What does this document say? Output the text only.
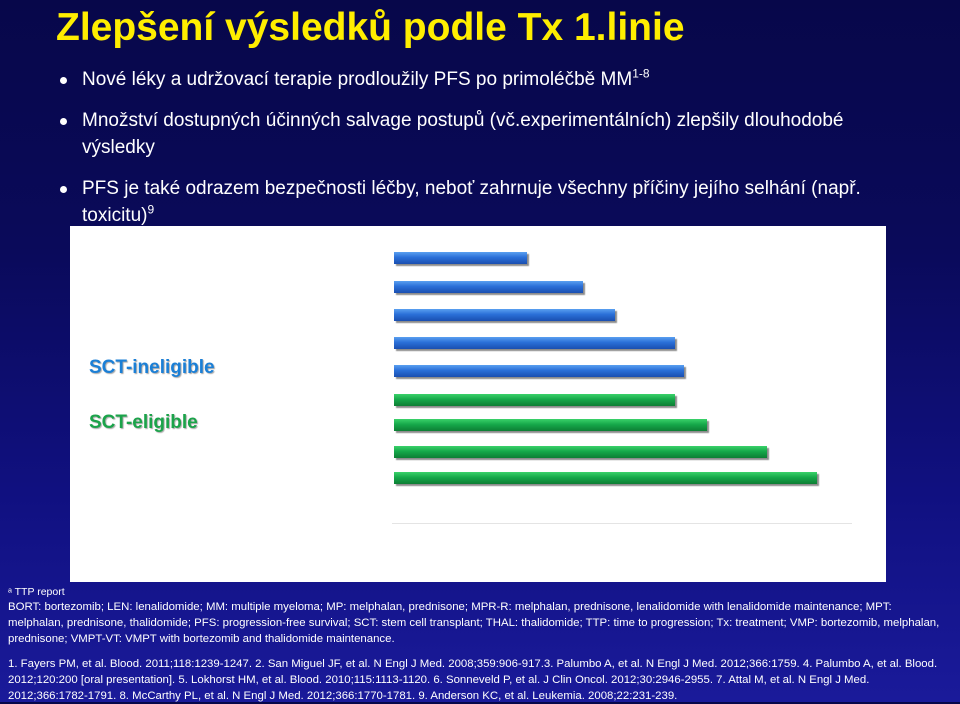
Zlepšení výsledků podle Tx 1.linie
Nové léky a udržovací terapie prodloužily PFS po primoléčbě MM$^{1-8}$
Množství dostupných účinných salvage postupů (vč.experimentálních) zlepšily dlouhodobé výsledky
PFS je také odrazem bezpečnosti léčby, neboť zahrnuje všechny příčiny jejího selhání (např. toxicitu)$^9$
SCT-ineligible
SCT-eligible
ᵃ TTP report
BORT: bortezomib; LEN: lenalidomide; MM: multiple myeloma; MP: melphalan, prednisone; MPR-R: melphalan, prednisone, lenalidomide with lenalidomide maintenance; MPT: melphalan, prednisone, thalidomide; PFS: progression-free survival; SCT: stem cell transplant; THAL: thalidomide; TTP: time to progression; Tx: treatment; VMP: bortezomib, melphalan, prednisone; VMPT-VT: VMPT with bortezomib and thalidomide maintenance.
1. Fayers PM, et al. Blood. 2011;118:1239-1247. 2. San Miguel JF, et al. N Engl J Med. 2008;359:906-917.3. Palumbo A, et al. N Engl J Med. 2012;366:1759. 4. Palumbo A, et al. Blood. 2012;120:200 [oral presentation]. 5. Lokhorst HM, et al. Blood. 2010;115:1113-1120. 6. Sonneveld P, et al. J Clin Oncol. 2012;30:2946-2955. 7. Attal M, et al. N Engl J Med. 2012;366:1782-1791. 8. McCarthy PL, et al. N Engl J Med. 2012;366:1770-1781. 9. Anderson KC, et al. Leukemia. 2008;22:231-239.
